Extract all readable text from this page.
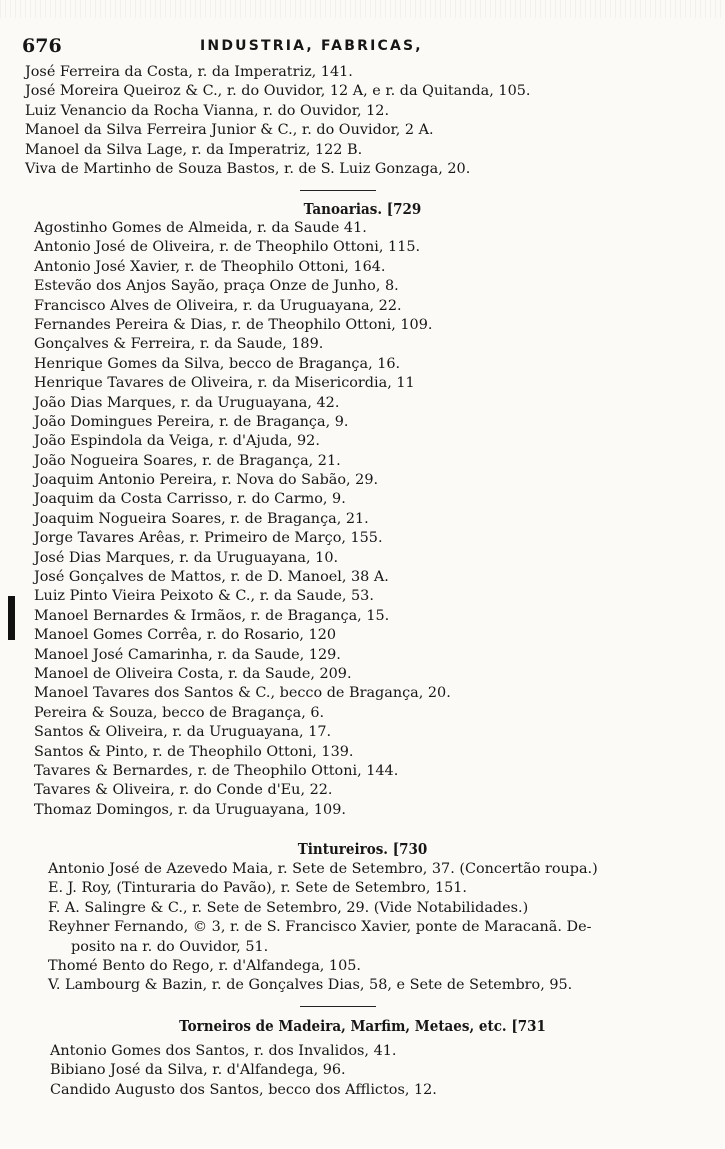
676	INDUSTRIA, FABRICAS,
José Ferreira da Costa, r. da Imperatriz, 141.
José Moreira Queiroz & C., r. do Ouvidor, 12 A, e r. da Quitanda, 105.
Luiz Venancio da Rocha Vianna, r. do Ouvidor, 12.
Manoel da Silva Ferreira Junior & C., r. do Ouvidor, 2 A.
Manoel da Silva Lage, r. da Imperatriz, 122 B.
Viva de Martinho de Souza Bastos, r. de S. Luiz Gonzaga, 20.
Tanoarias. [729
Agostinho Gomes de Almeida, r. da Saude 41.
Antonio José de Oliveira, r. de Theophilo Ottoni, 115.
Antonio José Xavier, r. de Theophilo Ottoni, 164.
Estevão dos Anjos Sayão, praça Onze de Junho, 8.
Francisco Alves de Oliveira, r. da Uruguayana, 22.
Fernandes Pereira & Dias, r. de Theophilo Ottoni, 109.
Gonçalves & Ferreira, r. da Saude, 189.
Henrique Gomes da Silva, becco de Bragança, 16.
Henrique Tavares de Oliveira, r. da Misericordia, 11
João Dias Marques, r. da Uruguayana, 42.
João Domingues Pereira, r. de Bragança, 9.
João Espindola da Veiga, r. d'Ajuda, 92.
João Nogueira Soares, r. de Bragança, 21.
Joaquim Antonio Pereira, r. Nova do Sabão, 29.
Joaquim da Costa Carrisso, r. do Carmo, 9.
Joaquim Nogueira Soares, r. de Bragança, 21.
Jorge Tavares Arêas, r. Primeiro de Março, 155.
José Dias Marques, r. da Uruguayana, 10.
José Gonçalves de Mattos, r. de D. Manoel, 38 A.
Luiz Pinto Vieira Peixoto & C., r. da Saude, 53.
Manoel Bernardes & Irmãos, r. de Bragança, 15.
Manoel Gomes Corrêa, r. do Rosario, 120
Manoel José Camarinha, r. da Saude, 129.
Manoel de Oliveira Costa, r. da Saude, 209.
Manoel Tavares dos Santos & C., becco de Bragança, 20.
Pereira & Souza, becco de Bragança, 6.
Santos & Oliveira, r. da Uruguayana, 17.
Santos & Pinto, r. de Theophilo Ottoni, 139.
Tavares & Bernardes, r. de Theophilo Ottoni, 144.
Tavares & Oliveira, r. do Conde d'Eu, 22.
Thomaz Domingos, r. da Uruguayana, 109.
Tintureiros. [730
Antonio José de Azevedo Maia, r. Sete de Setembro, 37. (Concertão roupa.)
E. J. Roy, (Tinturaria do Pavão), r. Sete de Setembro, 151.
F. A. Salingre & C., r. Sete de Setembro, 29. (Vide Notabilidades.)
Reyhner Fernando, © 3, r. de S. Francisco Xavier, ponte de Maracanã. De-
posito na r. do Ouvidor, 51.
Thomé Bento do Rego, r. d'Alfandega, 105.
V. Lambourg & Bazin, r. de Gonçalves Dias, 58, e Sete de Setembro, 95.
Torneiros de Madeira, Marfim, Metaes, etc. [731
Antonio Gomes dos Santos, r. dos Invalidos, 41.
Bibiano José da Silva, r. d'Alfandega, 96.
Candido Augusto dos Santos, becco dos Afflictos, 12.
